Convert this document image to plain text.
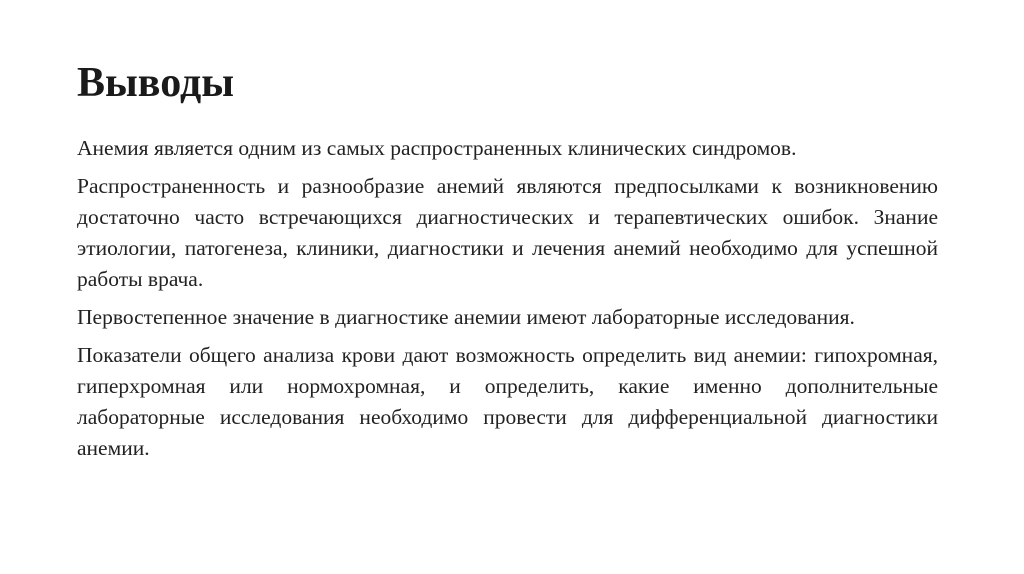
Выводы

Анемия является одним из самых распространенных клинических синдромов.

Распространенность и разнообразие анемий являются предпосылками к возникновению достаточно часто встречающихся диагностических и терапевтических ошибок. Знание этиологии, патогенеза, клиники, диагностики и лечения анемий необходимо для успешной работы врача.

Первостепенное значение в диагностике анемии имеют лабораторные исследования.

Показатели общего анализа крови дают возможность определить вид анемии: гипохромная, гиперхромная или нормохромная, и определить, какие именно дополнительные лабораторные исследования необходимо провести для дифференциальной диагностики анемии.
